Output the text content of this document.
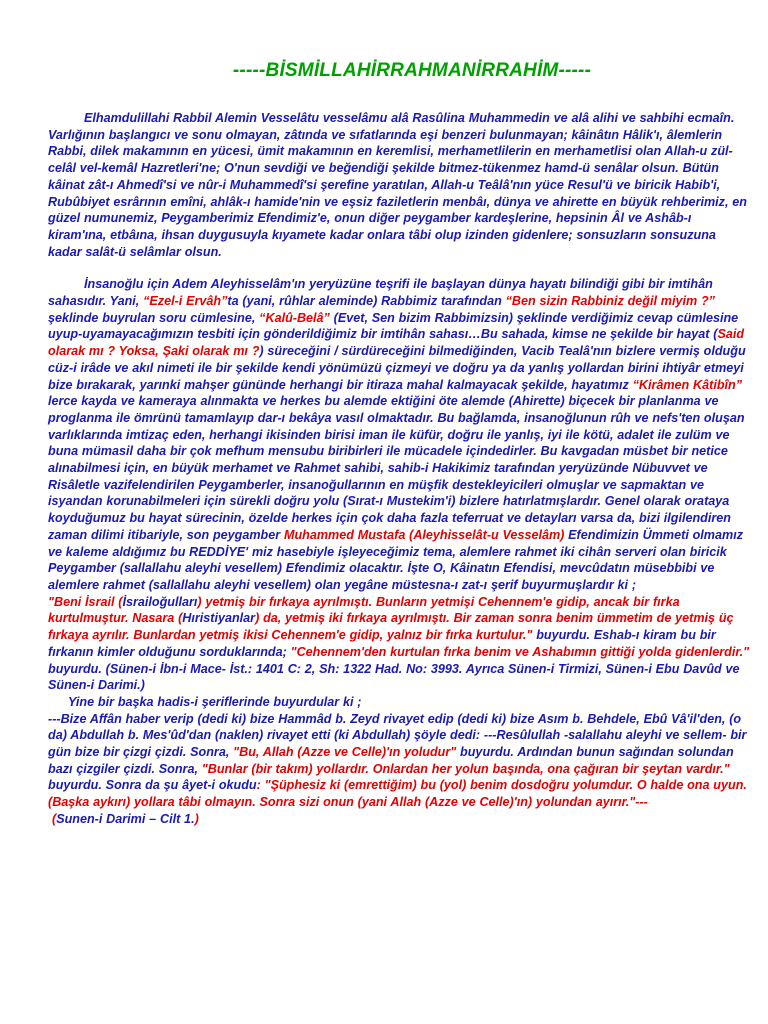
-----BİSMİLLAHİRRAHMANİRRAHİM-----

Elhamdulillahi Rabbil Alemin Vesselâtu vesselâmu alâ Rasûlina Muhammedin ve alâ alihi ve sahbihi ecmaîn. Varlığının başlangıcı ve sonu olmayan, zâtında ve sıfatlarında eşi benzeri bulunmayan; kâinâtın Hâlik'ı, âlemlerin Rabbi, dilek makamının en yücesi, ümit makamının en keremlisi, merhametlilerin en merhametlisi olan Allah-u zül-celâl vel-kemâl Hazretleri'ne; O'nun sevdiği ve beğendiği şekilde bitmez-tükenmez hamd-ü senâlar olsun. Bütün kâinat zât-ı Ahmedî'si ve nûr-i Muhammedî'si şerefine yaratılan, Allah-u Teâlâ'nın yüce Resul'ü ve biricik Habib'i, Rubûbiyet esrârının emîni, ahlâk-ı hamide'nin ve eşsiz faziletlerin menbâı, dünya ve ahirette en büyük rehberimiz, en güzel numunemiz, Peygamberimiz Efendimiz'e, onun diğer peygamber kardeşlerine, hepsinin Âl ve Ashâb-ı kiram'ına, etbâına, ihsan duygusuyla kıyamete kadar onlara tâbi olup izinden gidenlere; sonsuzların sonsuzuna kadar salât-ü selâmlar olsun.

İnsanoğlu için Adem Aleyhisselâm'ın yeryüzüne teşrifi ile başlayan dünya hayatı bilindiği gibi bir imtihân sahasıdır. Yani, “Ezel-i Ervâh”ta (yani, rûhlar aleminde) Rabbimiz tarafından “Ben sizin Rabbiniz değil miyim ?” şeklinde buyrulan soru cümlesine, “Kalû-Belâ” (Evet, Sen bizim Rabbimizsin) şeklinde verdiğimiz cevap cümlesine uyup-uyamayacağımızın tesbiti için gönderildiğimiz bir imtihân sahası…Bu sahada, kimse ne şekilde bir hayat (Said olarak mı ? Yoksa, Şaki olarak mı ?) süreceğini / sürdüreceğini bilmediğinden, Vacib Tealâ'nın bizlere vermiş olduğu cüz-i irâde ve akıl nimeti ile bir şekilde kendi yönümüzü çizmeyi ve doğru ya da yanlış yollardan birini ihtiyâr etmeyi bize bırakarak, yarınki mahşer gününde herhangi bir itiraza mahal kalmayacak şekilde, hayatımız “Kirâmen Kâtibîn” lerce kayda ve kameraya alınmakta ve herkes bu alemde ektiğini öte alemde (Ahirette) biçecek bir planlanma ve proglanma ile ömrünü tamamlayıp dar-ı bekâya vasıl olmaktadır. Bu bağlamda, insanoğlunun rûh ve nefs'ten oluşan varlıklarında imtizaç eden, herhangi ikisinden birisi iman ile küfür, doğru ile yanlış, iyi ile kötü, adalet ile zulüm ve buna mümasil daha bir çok mefhum mensubu biribirleri ile mücadele içindedirler. Bu kavgadan müsbet bir netice alınabilmesi için, en büyük merhamet ve Rahmet sahibi, sahib-i Hakikimiz tarafından yeryüzünde Nübuvvet ve Risâletle vazifelendirilen Peygamberler, insanoğullarının en müşfik destekleyicileri olmuşlar ve sapmaktan ve isyandan korunabilmeleri için sürekli doğru yolu (Sırat-ı Mustekim'i) bizlere hatırlatmışlardır. Genel olarak orataya koyduğumuz bu hayat sürecinin, özelde herkes için çok daha fazla teferruat ve detayları varsa da, bizi ilgilendiren zaman dilimi itibariyle, son peygamber Muhammed Mustafa (Aleyhisselât-u Vesselâm) Efendimizin Ümmeti olmamız ve kaleme aldığımız bu REDDİYE' miz hasebiyle işleyeceğimiz tema, alemlere rahmet iki cihân serveri olan biricik Peygamber (sallallahu aleyhi vesellem) Efendimiz olacaktır. İşte O, Kâinatın Efendisi, mevcûdatın müsebbibi ve alemlere rahmet (sallallahu aleyhi vesellem) olan yegâne müstesna-ı zat-ı şerif buyurmuşlardır ki ;

"Beni İsrail (İsrailoğulları) yetmiş bir fırkaya ayrılmıştı. Bunların yetmişi Cehennem'e gidip, ancak bir fırka kurtulmuştur. Nasara (Hıristiyanlar) da, yetmiş iki fırkaya ayrılmıştı. Bir zaman sonra benim ümmetim de yetmiş üç fırkaya ayrılır. Bunlardan yetmiş ikisi Cehennem'e gidip, yalnız bir fırka kurtulur." buyurdu. Eshab-ı kiram bu bir fırkanın kimler olduğunu sorduklarında; "Cehennem'den kurtulan fırka benim ve Ashabımın gittiği yolda gidenlerdir." buyurdu. (Sünen-i İbn-i Mace- İst.: 1401 C: 2, Sh: 1322 Had. No: 3993. Ayrıca Sünen-i Tirmizi, Sünen-i Ebu Davûd ve Sünen-i Darimi.)

Yine bir başka hadis-i şeriflerinde buyurdular ki ;

---Bize Affân haber verip (dedi ki) bize Hammâd b. Zeyd rivayet edip (dedi ki) bize Asım b. Behdele, Ebû Vâ'il'den, (o da) Abdullah b. Mes'ûd'dan (naklen) rivayet etti (ki Abdullah) şöyle dedi: ---Resûlullah -salallahu aleyhi ve sellem- bir gün bize bir çizgi çizdi. Sonra, "Bu, Allah (Azze ve Celle)'ın yoludur" buyurdu. Ardından bunun sağından solundan bazı çizgiler çizdi. Sonra, "Bunlar (bir takım) yollardır. Onlardan her yolun başında, ona çağıran bir şeytan vardır." buyurdu. Sonra da şu âyet-i okudu: "Şüphesiz ki (emrettiğim) bu (yol) benim dosdoğru yolumdur. O halde ona uyun. (Başka aykırı) yollara tâbi olmayın. Sonra sizi onun (yani Allah (Azze ve Celle)'ın) yolundan ayırır."---

(Sunen-i Darimi – Cilt 1.)
